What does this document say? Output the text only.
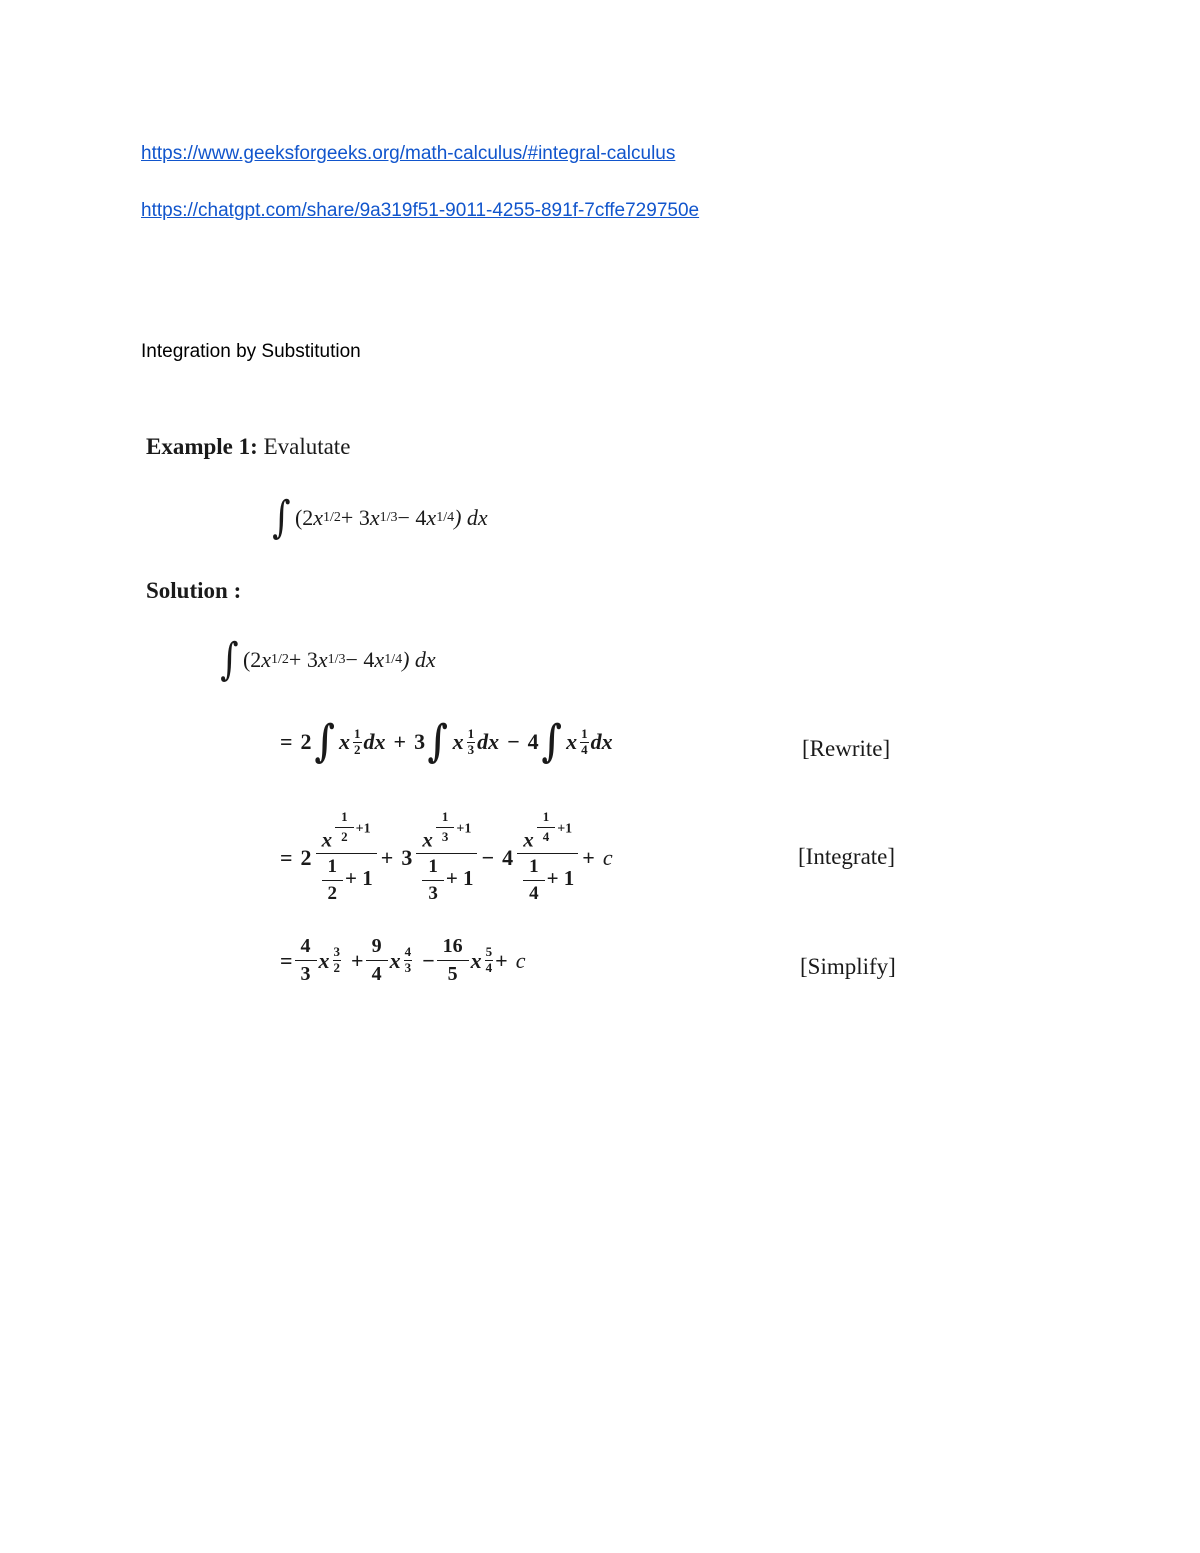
https://www.geeksforgeeks.org/math-calculus/#integral-calculus
https://chatgpt.com/share/9a319f51-9011-4255-891f-7cffe729750e
Integration by Substitution
Example 1: Evalutate
∫ (2 x 1/2 + 3 x 1/3 − 4 x 1/4 ) dx
Solution :
∫ (2 x 1/2 + 3 x 1/3 − 4 x 1/4 ) dx
= 2 ∫ x $\frac{1}{2}$ dx + 3 ∫ x $\frac{1}{3}$ dx − 4 ∫ x $\frac{1}{4}$ dx	[Rewrite]
= $2 \frac{x \frac{1}{2} ^{+1}}{\frac{1}{2} + 1} + 3 \frac{x \frac{1}{3} ^{+1}}{\frac{1}{3} + 1} - 4 \frac{x \frac{1}{4} ^{+1}}{\frac{1}{4} + 1} + c$	[Integrate]
= $\frac{4}{3}$ x $\frac{3}{2} + \frac{9}{4}$ x $\frac{4}{3} - \frac{16}{5}$ x $\frac{5}{4} + c$	[Simplify]
